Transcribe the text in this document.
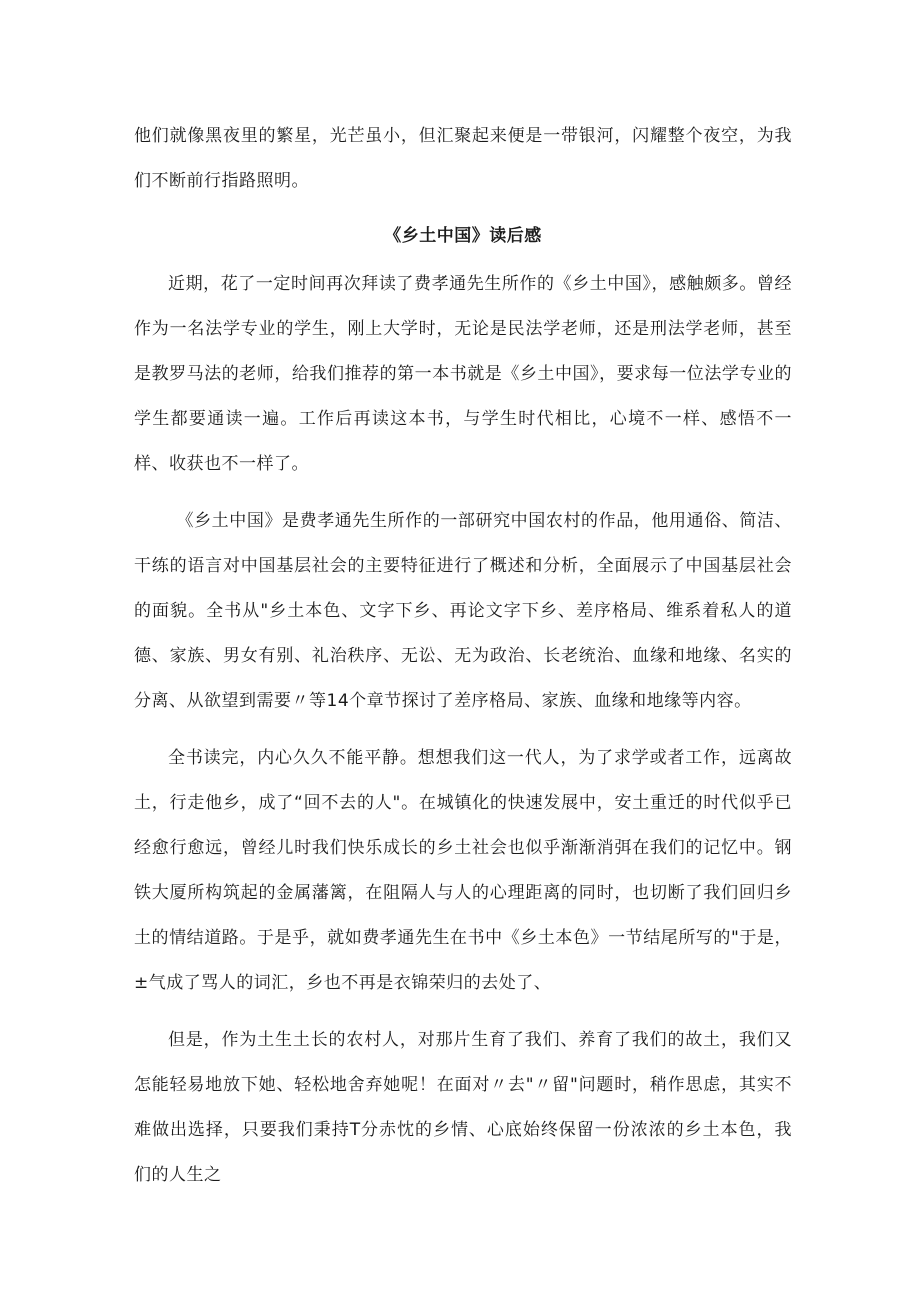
他们就像黑夜里的繁星，光芒虽小，但汇聚起来便是一带银河，闪耀整个夜空，为我们不断前行指路照明。

《乡土中国》读后感

近期，花了一定时间再次拜读了费孝通先生所作的《乡土中国》，感触颇多。曾经作为一名法学专业的学生，刚上大学时，无论是民法学老师，还是刑法学老师，甚至是教罗马法的老师，给我们推荐的第一本书就是《乡土中国》，要求每一位法学专业的学生都要通读一遍。工作后再读这本书，与学生时代相比，心境不一样、感悟不一样、收获也不一样了。

《乡土中国》是费孝通先生所作的一部研究中国农村的作品，他用通俗、简洁、干练的语言对中国基层社会的主要特征进行了概述和分析，全面展示了中国基层社会的面貌。全书从"乡土本色、文字下乡、再论文字下乡、差序格局、维系着私人的道德、家族、男女有别、礼治秩序、无讼、无为政治、长老统治、血缘和地缘、名实的分离、从欲望到需要〃等14个章节探讨了差序格局、家族、血缘和地缘等内容。

全书读完，内心久久不能平静。想想我们这一代人，为了求学或者工作，远离故土，行走他乡，成了“回不去的人"。在城镇化的快速发展中，安土重迁的时代似乎已经愈行愈远，曾经儿时我们快乐成长的乡土社会也似乎渐渐消弭在我们的记忆中。钢铁大厦所构筑起的金属藩篱，在阻隔人与人的心理距离的同时，也切断了我们回归乡土的情结道路。于是乎，就如费孝通先生在书中《乡土本色》一节结尾所写的"于是，±气成了骂人的词汇，乡也不再是衣锦荣归的去处了、

但是，作为土生土长的农村人，对那片生育了我们、养育了我们的故土，我们又怎能轻易地放下她、轻松地舍弃她呢！在面对〃去"〃留"问题时，稍作思虑，其实不难做出选择，只要我们秉持T分赤忱的乡情、心底始终保留一份浓浓的乡土本色，我们的人生之
